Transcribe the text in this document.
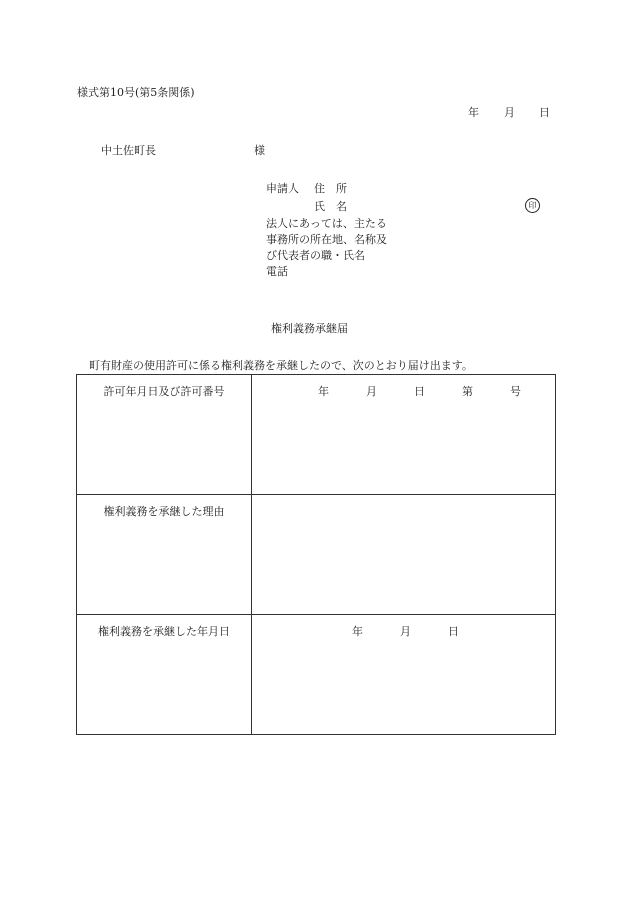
様式第10号(第5条関係)
年 月 日
中土佐町長	様
申請人 住　所
氏　名	印
法人にあっては、主たる
事務所の所在地、名称及
び代表者の職・氏名
電話
権利義務承継届
町有財産の使用許可に係る権利義務を承継したので、次のとおり届け出ます。
許可年月日及び許可番号	年 月 日 第 号

権利義務を承継した理由	
権利義務を承継した年月日	年 月 日
